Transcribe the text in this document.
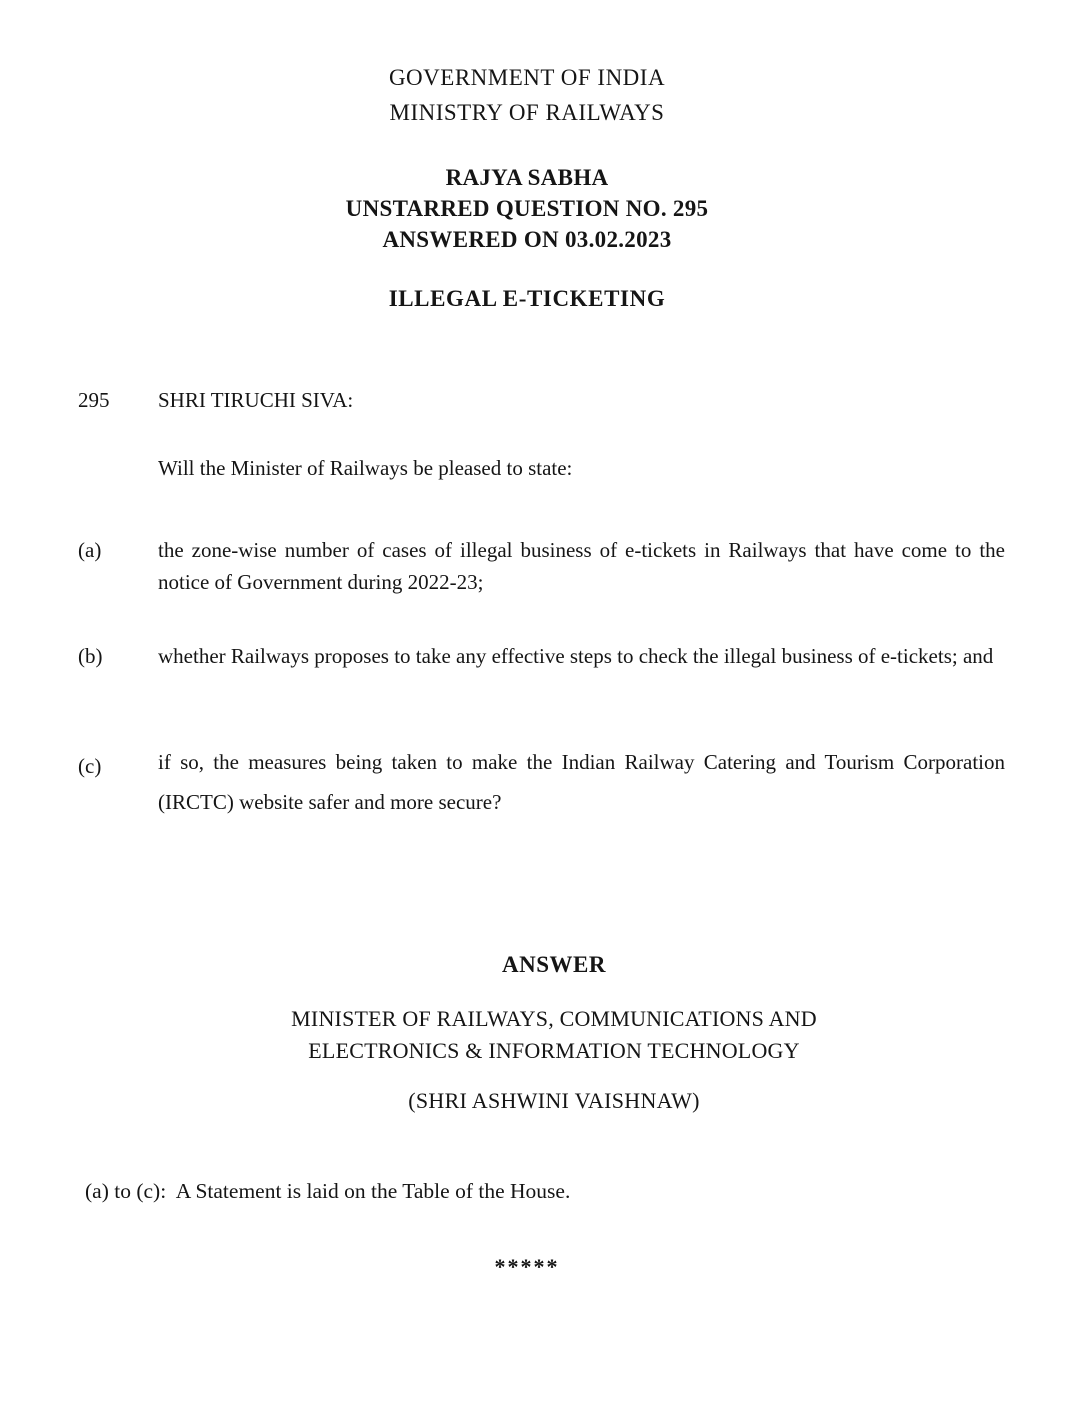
GOVERNMENT OF INDIA
MINISTRY OF RAILWAYS
RAJYA SABHA
UNSTARRED QUESTION NO. 295
ANSWERED ON 03.02.2023
ILLEGAL E-TICKETING
295	SHRI TIRUCHI SIVA:
Will the Minister of Railways be pleased to state:
(a)	the zone-wise number of cases of illegal business of e-tickets in Railways that have come to the notice of Government during 2022-23;
(b)	whether Railways proposes to take any effective steps to check the illegal business of e-tickets; and
(c)	if so, the measures being taken to make the Indian Railway Catering and Tourism Corporation (IRCTC) website safer and more secure?
ANSWER
MINISTER OF RAILWAYS, COMMUNICATIONS AND
ELECTRONICS & INFORMATION TECHNOLOGY
(SHRI ASHWINI VAISHNAW)
(a) to (c):  A Statement is laid on the Table of the House.
*****
